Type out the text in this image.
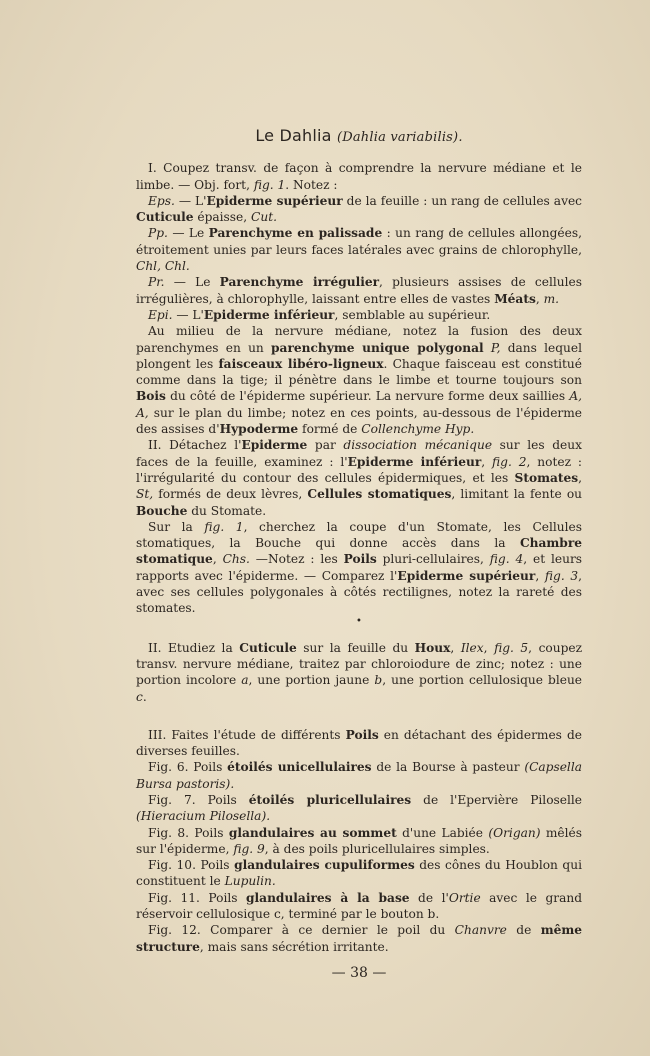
Le Dahlia (Dahlia variabilis).

I. Coupez transv. de façon à comprendre la nervure médiane et le limbe. — Obj. fort, fig. 1. Notez :

Eps. — L'Epiderme supérieur de la feuille : un rang de cellules avec Cuticule épaisse, Cut.

Pp. — Le Parenchyme en palissade : un rang de cellules allongées, étroitement unies par leurs faces latérales avec grains de chlorophylle, Chl, Chl.

Pr. — Le Parenchyme irrégulier, plusieurs assises de cellules irrégulières, à chlorophylle, laissant entre elles de vastes Méats, m.

Epi. — L'Epiderme inférieur, semblable au supérieur.

Au milieu de la nervure médiane, notez la fusion des deux parenchymes en un parenchyme unique polygonal P, dans lequel plongent les faisceaux libéro-ligneux. Chaque faisceau est constitué comme dans la tige; il pénètre dans le limbe et tourne toujours son Bois du côté de l'épiderme supérieur. La nervure forme deux saillies A, A, sur le plan du limbe; notez en ces points, au-dessous de l'épiderme des assises d'Hypoderme formé de Collenchyme Hyp.

II. Détachez l'Epiderme par dissociation mécanique sur les deux faces de la feuille, examinez : l'Epiderme inférieur, fig. 2, notez : l'irrégularité du contour des cellules épidermiques, et les Stomates, St, formés de deux lèvres, Cellules stomatiques, limitant la fente ou Bouche du Stomate.

Sur la fig. 1, cherchez la coupe d'un Stomate, les Cellules stomatiques, la Bouche qui donne accès dans la Chambre stomatique, Chs. —Notez : les Poils pluri-cellulaires, fig. 4, et leurs rapports avec l'épiderme. — Comparez l'Epiderme supérieur, fig. 3, avec ses cellules polygonales à côtés rectilignes, notez la rareté des stomates.

•

II. Etudiez la Cuticule sur la feuille du Houx, Ilex, fig. 5, coupez transv. nervure médiane, traitez par chloroiodure de zinc; notez : une portion incolore a, une portion jaune b, une portion cellulosique bleue c.

III. Faites l'étude de différents Poils en détachant des épidermes de diverses feuilles.

Fig. 6. Poils étoilés unicellulaires de la Bourse à pasteur (Capsella Bursa pastoris).

Fig. 7. Poils étoilés pluricellulaires de l'Epervière Piloselle (Hieracium Pilosella).

Fig. 8. Poils glandulaires au sommet d'une Labiée (Origan) mêlés sur l'épiderme, fig. 9, à des poils pluricellulaires simples.

Fig. 10. Poils glandulaires cupuliformes des cônes du Houblon qui constituent le Lupulin.

Fig. 11. Poils glandulaires à la base de l'Ortie avec le grand réservoir cellulosique c, terminé par le bouton b.

Fig. 12. Comparer à ce dernier le poil du Chanvre de même structure, mais sans sécrétion irritante.

— 38 —
